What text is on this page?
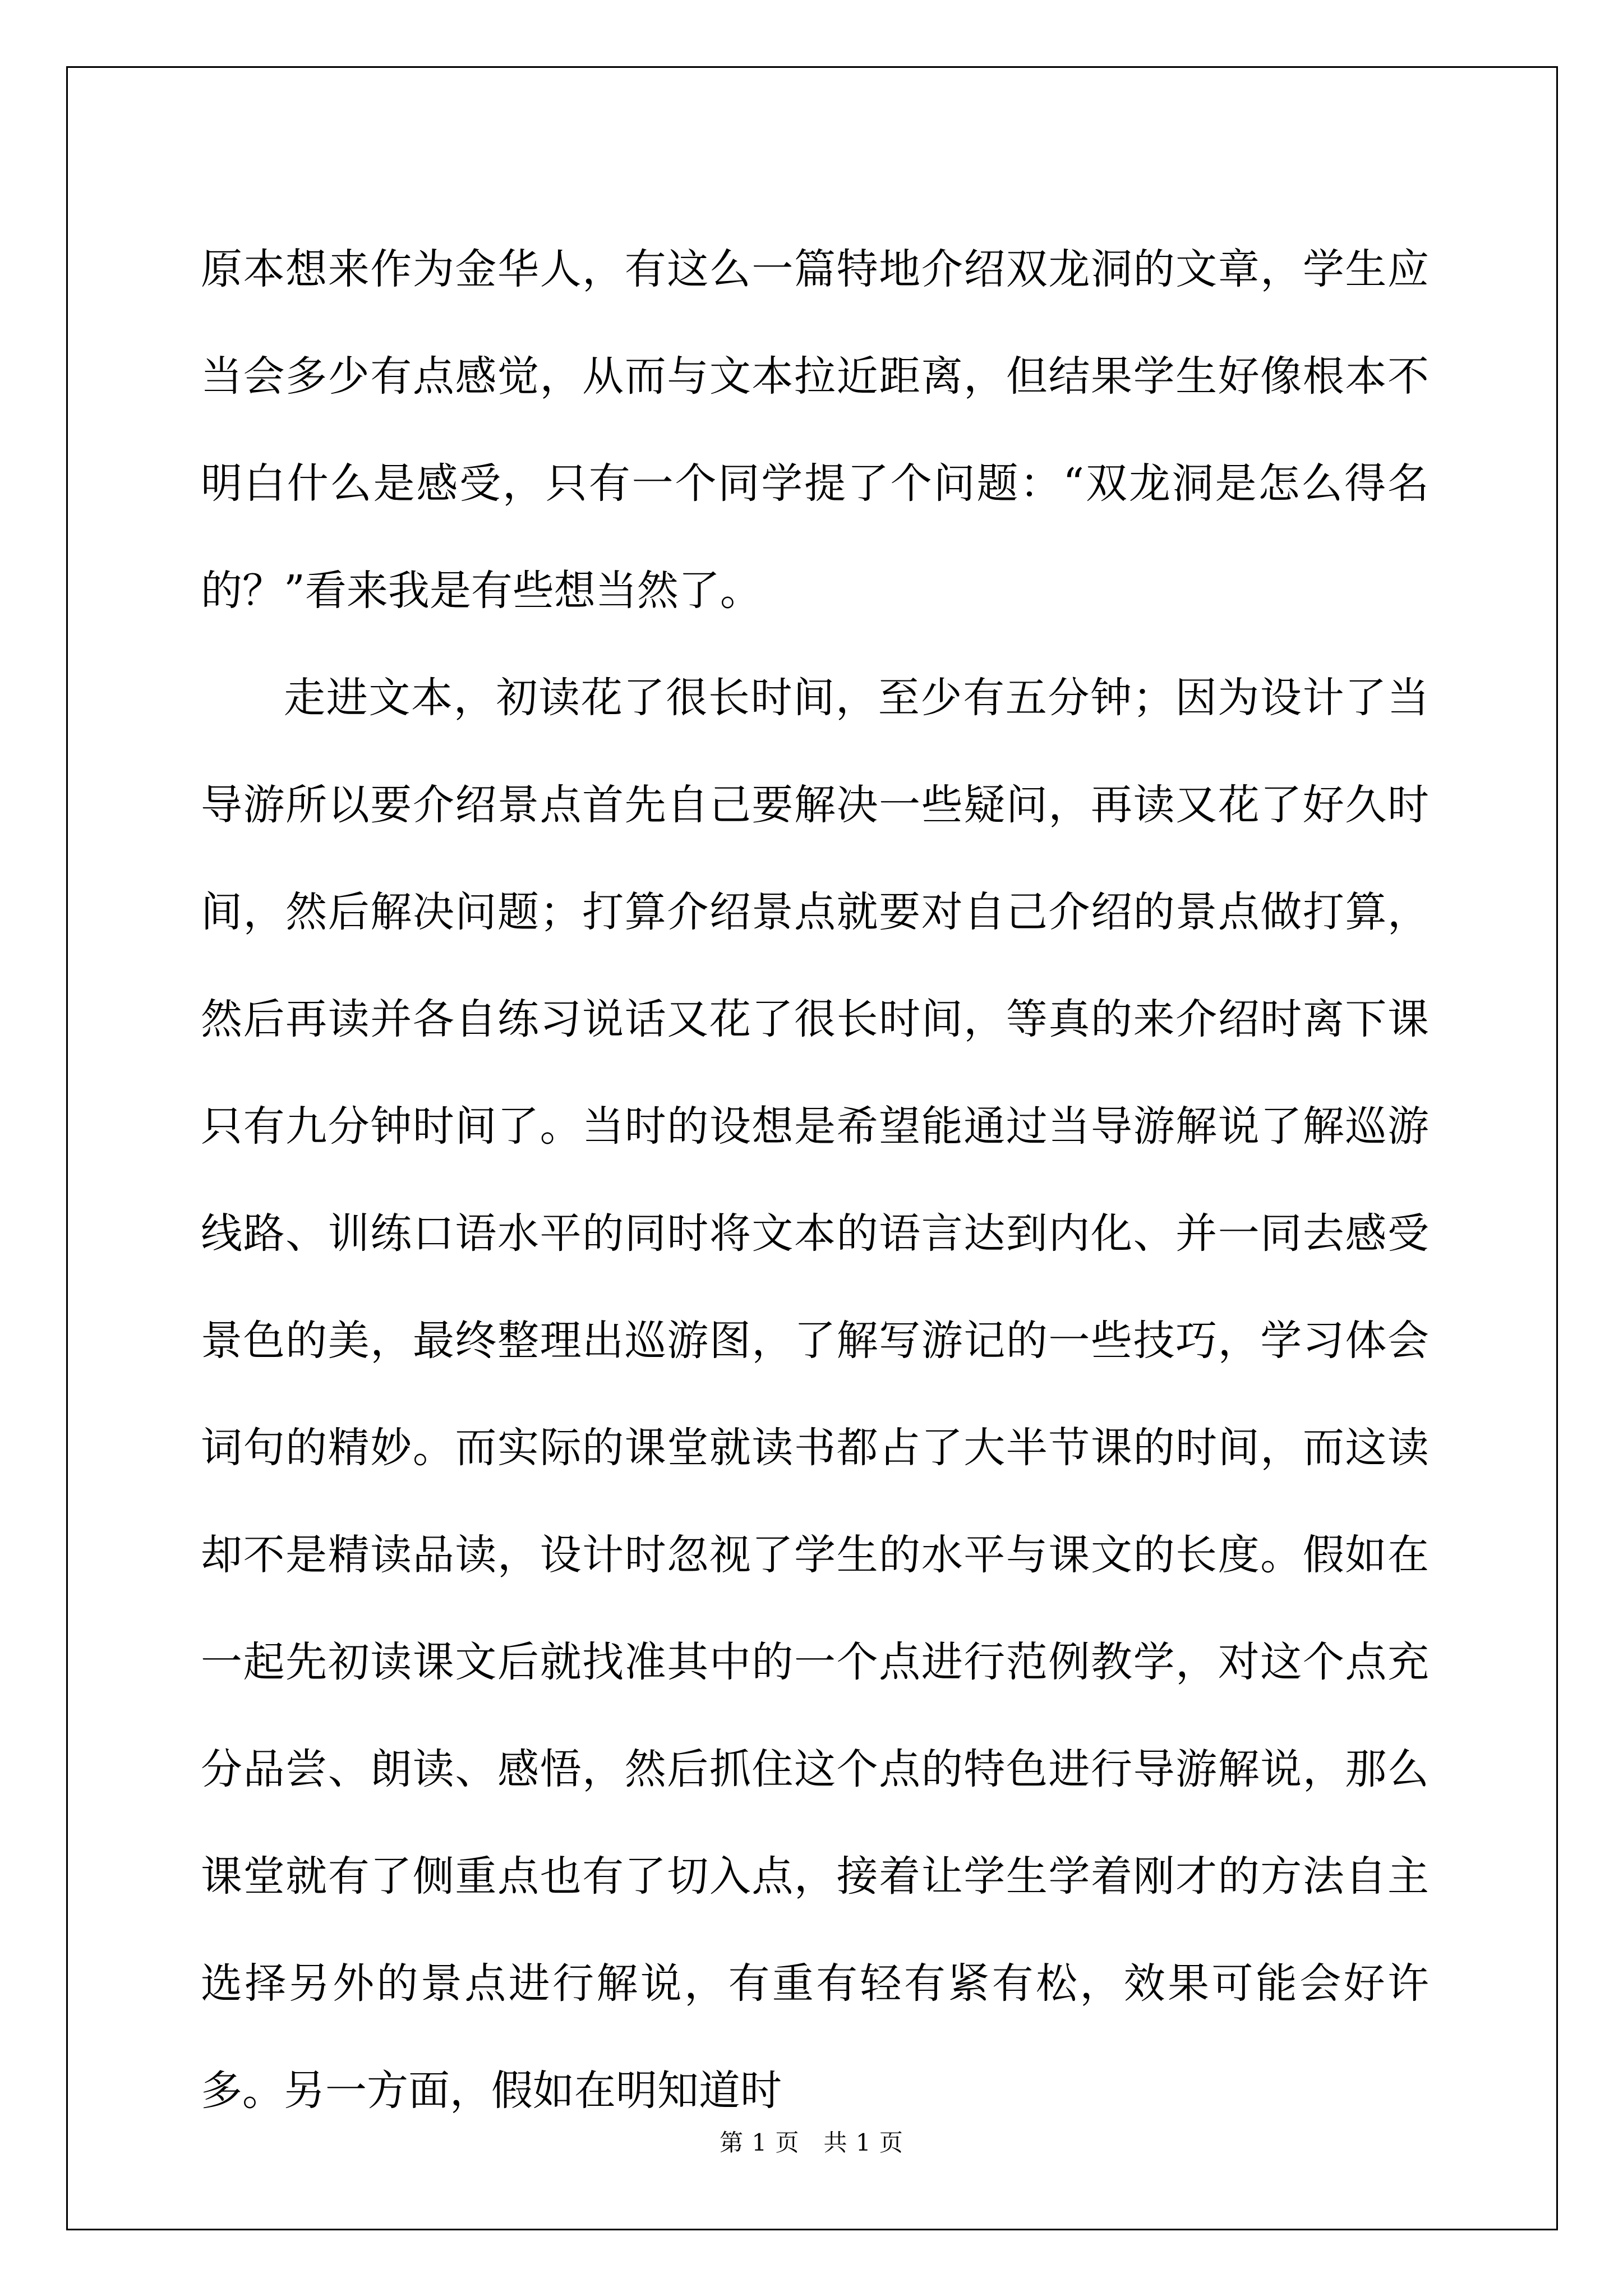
原本想来作为金华人，有这么一篇特地介绍双龙洞的文章，学生应当会多少有点感觉，从而与文本拉近距离，但结果学生好像根本不明白什么是感受，只有一个同学提了个问题：“双龙洞是怎么得名的？”看来我是有些想当然了。

走进文本，初读花了很长时间，至少有五分钟；因为设计了当导游所以要介绍景点首先自己要解决一些疑问，再读又花了好久时间，然后解决问题；打算介绍景点就要对自己介绍的景点做打算，然后再读并各自练习说话又花了很长时间，等真的来介绍时离下课只有九分钟时间了。当时的设想是希望能通过当导游解说了解巡游线路、训练口语水平的同时将文本的语言达到内化、并一同去感受景色的美，最终整理出巡游图，了解写游记的一些技巧，学习体会词句的精妙。而实际的课堂就读书都占了大半节课的时间，而这读却不是精读品读，设计时忽视了学生的水平与课文的长度。假如在一起先初读课文后就找准其中的一个点进行范例教学，对这个点充分品尝、朗读、感悟，然后抓住这个点的特色进行导游解说，那么课堂就有了侧重点也有了切入点，接着让学生学着刚才的方法自主选择另外的景点进行解说，有重有轻有紧有松，效果可能会好许多。另一方面，假如在明知道时

第 1 页　共 1 页
